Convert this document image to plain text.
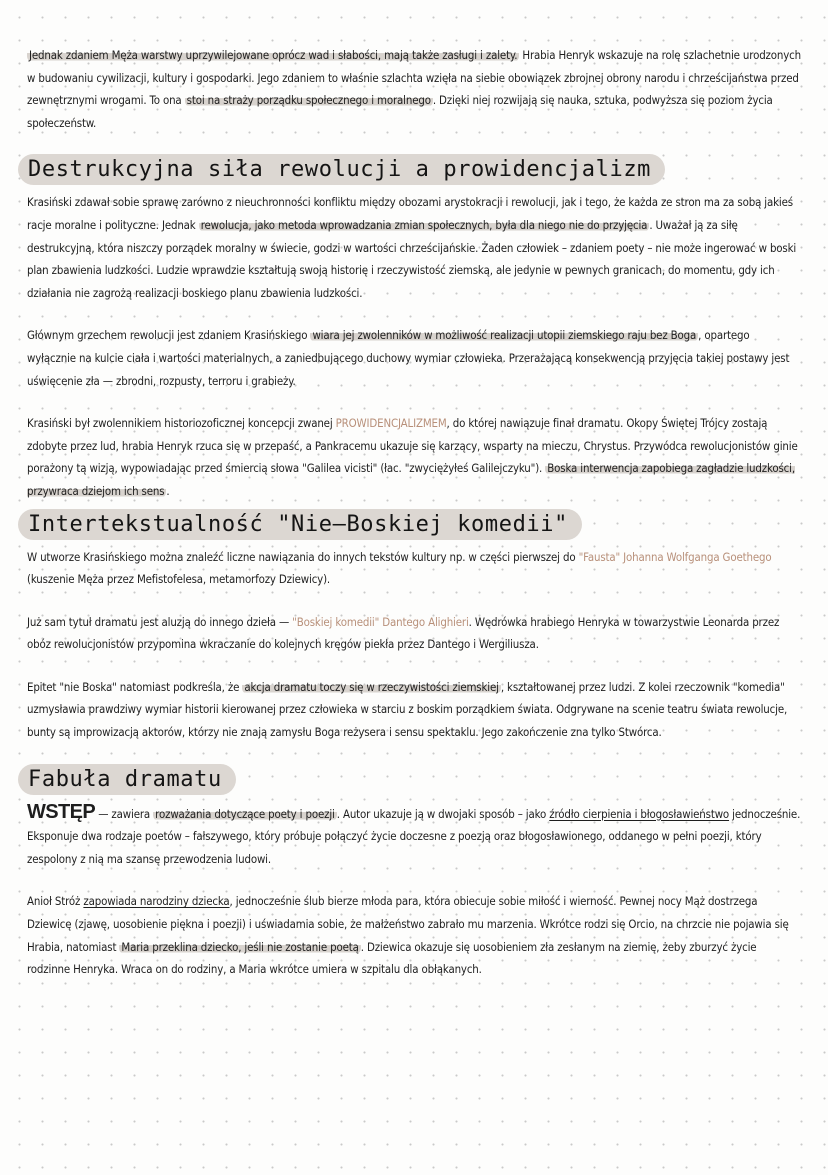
Jednak zdaniem Męża warstwy uprzywilejowane oprócz wad i słabości, mają także zasługi i zalety. Hrabia Henryk wskazuje na rolę szlachetnie urodzonych w budowaniu cywilizacji, kultury i gospodarki. Jego zdaniem to właśnie szlachta wzięła na siebie obowiązek zbrojnej obrony narodu i chrześcijaństwa przed zewnętrznymi wrogami. To ona stoi na straży porządku społecznego i moralnego . Dzięki niej rozwijają się nauka, sztuka, podwyższa się poziom życia społeczeństw.

Destrukcyjna siła rewolucji a prowidencjalizm

Krasiński zdawał sobie sprawę zarówno z nieuchronności konfliktu między obozami arystokracji i rewolucji, jak i tego, że każda ze stron ma za sobą jakieś racje moralne i polityczne. Jednak rewolucja, jako metoda wprowadzania zmian społecznych, była dla niego nie do przyjęcia . Uważał ją za siłę destrukcyjną, która niszczy porządek moralny w świecie, godzi w wartości chrześcijańskie. Żaden człowiek – zdaniem poety – nie może ingerować w boski plan zbawienia ludzkości. Ludzie wprawdzie kształtują swoją historię i rzeczywistość ziemską, ale jedynie w pewnych granicach, do momentu, gdy ich działania nie zagrożą realizacji boskiego planu zbawienia ludzkości.

Głównym grzechem rewolucji jest zdaniem Krasińskiego wiara jej zwolenników w możliwość realizacji utopii ziemskiego raju bez Boga , opartego wyłącznie na kulcie ciała i wartości materialnych, a zaniedbującego duchowy wymiar człowieka. Przerażającą konsekwencją przyjęcia takiej postawy jest uświęcenie zła — zbrodni, rozpusty, terroru i grabieży.

Krasiński był zwolennikiem historiozoficznej koncepcji zwanej PROWIDENCJALIZMEM, do której nawiązuje finał dramatu. Okopy Świętej Trójcy zostają zdobyte przez lud, hrabia Henryk rzuca się w przepaść, a Pankracemu ukazuje się karzący, wsparty na mieczu, Chrystus. Przywódca rewolucjonistów ginie porażony tą wizją, wypowiadając przed śmiercią słowa "Galilea vicisti" (łac. "zwyciężyłeś Galilejczyku"). Boska interwencja zapobiega zagładzie ludzkości, przywraca dziejom ich sens .

Intertekstualność "Nie–Boskiej komedii"

W utworze Krasińskiego można znaleźć liczne nawiązania do innych tekstów kultury np. w części pierwszej do "Fausta" Johanna Wolfganga Goethego (kuszenie Męża przez Mefistofelesa, metamorfozy Dziewicy).

Już sam tytuł dramatu jest aluzją do innego dzieła — "Boskiej komedii" Dantego Alighieri. Wędrówka hrabiego Henryka w towarzystwie Leonarda przez obóz rewolucjonistów przypomina wkraczanie do kolejnych kręgów piekła przez Dantego i Wergiliusza.

Epitet "nie Boska" natomiast podkreśla, że akcja dramatu toczy się w rzeczywistości ziemskiej , kształtowanej przez ludzi. Z kolei rzeczownik "komedia" uzmysławia prawdziwy wymiar historii kierowanej przez człowieka w starciu z boskim porządkiem świata. Odgrywane na scenie teatru świata rewolucje, bunty są improwizacją aktorów, którzy nie znają zamysłu Boga reżysera i sensu spektaklu. Jego zakończenie zna tylko Stwórca.

Fabuła dramatu

WSTĘP — zawiera rozważania dotyczące poety i poezji . Autor ukazuje ją w dwojaki sposób – jako źródło cierpienia i błogosławieństwo jednocześnie. Eksponuje dwa rodzaje poetów – fałszywego, który próbuje połączyć życie doczesne z poezją oraz błogosławionego, oddanego w pełni poezji, który zespolony z nią ma szansę przewodzenia ludowi.

Anioł Stróż zapowiada narodziny dziecka, jednocześnie ślub bierze młoda para, która obiecuje sobie miłość i wierność. Pewnej nocy Mąż dostrzega Dziewicę (zjawę, uosobienie piękna i poezji) i uświadamia sobie, że małżeństwo zabrało mu marzenia. Wkrótce rodzi się Orcio, na chrzcie nie pojawia się Hrabia, natomiast Maria przeklina dziecko, jeśli nie zostanie poetą . Dziewica okazuje się uosobieniem zła zesłanym na ziemię, żeby zburzyć życie rodzinne Henryka. Wraca on do rodziny, a Maria wkrótce umiera w szpitalu dla obłąkanych.
